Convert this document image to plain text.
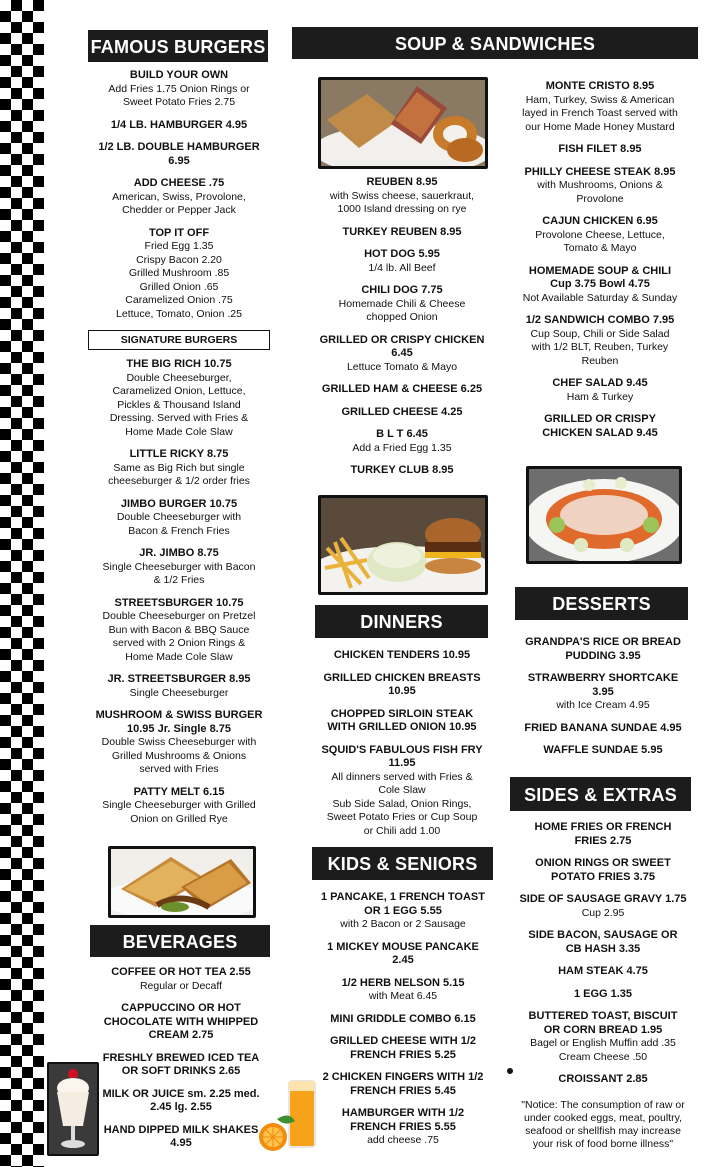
FAMOUS BURGERS
BUILD YOUR OWN
Add Fries 1.75 Onion Rings or
Sweet Potato Fries 2.75
1/4 LB. HAMBURGER 4.95
1/2 LB. DOUBLE HAMBURGER 6.95
ADD CHEESE .75
American, Swiss, Provolone,
Chedder or Pepper Jack
TOP IT OFF
Fried Egg 1.35
Crispy Bacon 2.20
Grilled Mushroom .85
Grilled Onion .65
Caramelized Onion .75
Lettuce, Tomato, Onion .25
SIGNATURE BURGERS
THE BIG RICH 10.75
Double Cheeseburger,
Caramelized Onion, Lettuce,
Pickles & Thousand Island
Dressing. Served with Fries &
Home Made Cole Slaw
LITTLE RICKY 8.75
Same as Big Rich but single
cheeseburger & 1/2 order fries
JIMBO BURGER 10.75
Double Cheeseburger with
Bacon & French Fries
JR. JIMBO 8.75
Single Cheeseburger with Bacon
& 1/2 Fries
STREETSBURGER 10.75
Double Cheeseburger on Pretzel
Bun with Bacon & BBQ Sauce
served with 2 Onion Rings &
Home Made Cole Slaw
JR. STREETSBURGER 8.95
Single Cheeseburger
MUSHROOM & SWISS BURGER 10.95 Jr. Single 8.75
Double Swiss Cheeseburger with
Grilled Mushrooms & Onions
served with Fries
PATTY MELT 6.15
Single Cheeseburger with Grilled
Onion on Grilled Rye
BEVERAGES
COFFEE OR HOT TEA 2.55
Regular or Decaff
CAPPUCCINO OR HOT CHOCOLATE WITH WHIPPED CREAM 2.75
FRESHLY BREWED ICED TEA OR SOFT DRINKS 2.65
MILK OR JUICE sm. 2.25 med. 2.45 lg. 2.55
HAND DIPPED MILK SHAKES 4.95
SOUP & SANDWICHES
REUBEN 8.95
with Swiss cheese, sauerkraut,
1000 Island dressing on rye
TURKEY REUBEN 8.95
HOT DOG 5.95
1/4 lb. All Beef
CHILI DOG 7.75
Homemade Chili & Cheese
chopped Onion
GRILLED OR CRISPY CHICKEN 6.45
Lettuce Tomato & Mayo
GRILLED HAM & CHEESE 6.25
GRILLED CHEESE 4.25
B L T 6.45
Add a Fried Egg 1.35
TURKEY CLUB 8.95
DINNERS
CHICKEN TENDERS 10.95
GRILLED CHICKEN BREASTS 10.95
CHOPPED SIRLOIN STEAK WITH GRILLED ONION 10.95
SQUID'S FABULOUS FISH FRY 11.95
All dinners served with Fries &
Cole Slaw
Sub Side Salad, Onion Rings,
Sweet Potato Fries or Cup Soup
or Chili add 1.00
KIDS & SENIORS
1 PANCAKE, 1 FRENCH TOAST OR 1 EGG 5.55
with 2 Bacon or 2 Sausage
1 MICKEY MOUSE PANCAKE 2.45
1/2 HERB NELSON 5.15
with Meat 6.45
MINI GRIDDLE COMBO 6.15
GRILLED CHEESE WITH 1/2 FRENCH FRIES 5.25
2 CHICKEN FINGERS WITH 1/2 FRENCH FRIES 5.45
HAMBURGER WITH 1/2 FRENCH FRIES 5.55
add cheese .75
MONTE CRISTO 8.95
Ham, Turkey, Swiss & American
layed in French Toast served with
our Home Made Honey Mustard
FISH FILET 8.95
PHILLY CHEESE STEAK 8.95
with Mushrooms, Onions &
Provolone
CAJUN CHICKEN 6.95
Provolone Cheese, Lettuce,
Tomato & Mayo
HOMEMADE SOUP & CHILI Cup 3.75 Bowl 4.75
Not Available Saturday & Sunday
1/2 SANDWICH COMBO 7.95
Cup Soup, Chili or Side Salad
with 1/2 BLT, Reuben, Turkey
Reuben
CHEF SALAD 9.45
Ham & Turkey
GRILLED OR CRISPY CHICKEN SALAD 9.45
DESSERTS
GRANDPA'S RICE OR BREAD PUDDING 3.95
STRAWBERRY SHORTCAKE 3.95
with Ice Cream 4.95
FRIED BANANA SUNDAE 4.95
WAFFLE SUNDAE 5.95
SIDES & EXTRAS
HOME FRIES OR FRENCH FRIES 2.75
ONION RINGS OR SWEET POTATO FRIES 3.75
SIDE OF SAUSAGE GRAVY 1.75
Cup 2.95
SIDE BACON, SAUSAGE OR CB HASH 3.35
HAM STEAK 4.75
1 EGG 1.35
BUTTERED TOAST, BISCUIT OR CORN BREAD 1.95
Bagel or English Muffin add .35
Cream Cheese .50
CROISSANT 2.85
"Notice: The consumption of raw or under cooked eggs, meat, poultry, seafood or shellfish may increase your risk of food borne illness"
